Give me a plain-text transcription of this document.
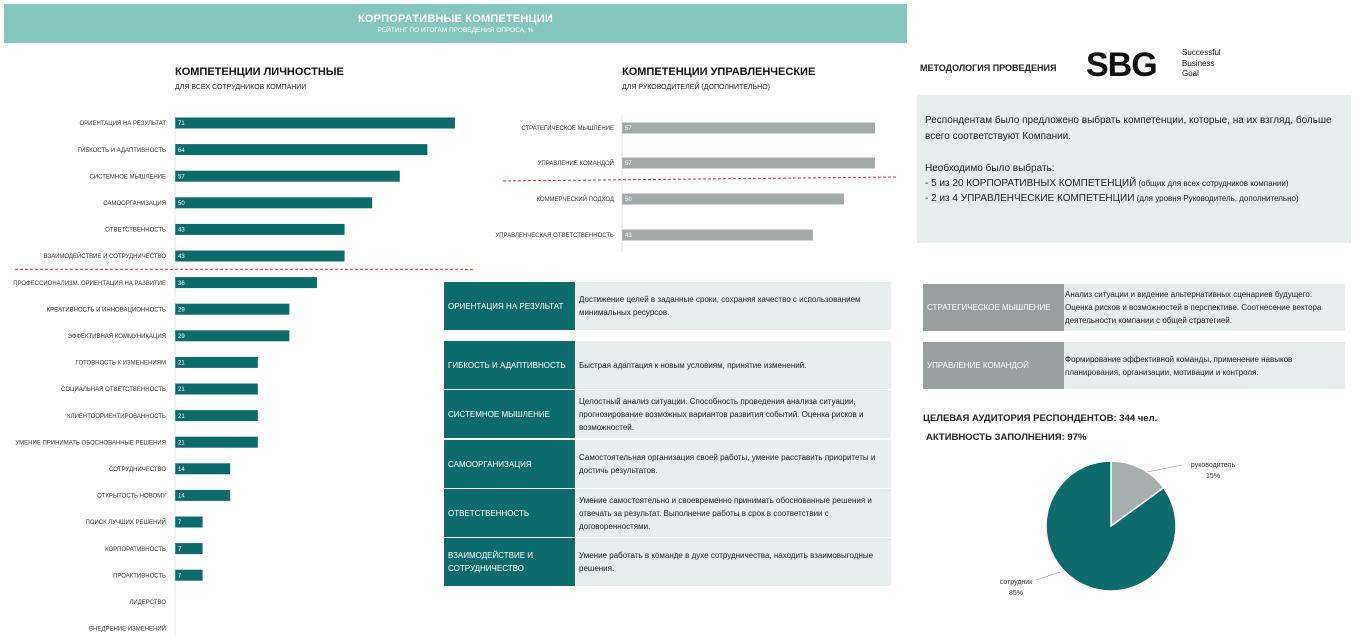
КОРПОРАТИВНЫЕ КОМПЕТЕНЦИИ
РЕЙТИНГ ПО ИТОГАМ ПРОВЕДЕНИЯ ОПРОСА, %
КОМПЕТЕНЦИИ ЛИЧНОСТНЫЕ
ДЛЯ ВСЕХ СОТРУДНИКОВ КОМПАНИИ
КОМПЕТЕНЦИИ УПРАВЛЕНЧЕСКИЕ
ДЛЯ РУКОВОДИТЕЛЕЙ (ДОПОЛНИТЕЛЬНО)
ОРИЕНТАЦИЯ НА РЕЗУЛЬТАТ 71
ГИБКОСТЬ И АДАПТИВНОСТЬ 64
СИСТЕМНОЕ МЫШЛЕНИЕ 57
САМООРГАНИЗАЦИЯ 50
ОТВЕТСТВЕННОСТЬ 43
ВЗАИМОДЕЙСТВИЕ И СОТРУДНИЧЕСТВО 43
ПРОФЕССИОНАЛИЗМ. ОРИЕНТАЦИЯ НА РАЗВИТИЕ 36
КРЕАТИВНОСТЬ И ИННОВАЦИОННОСТЬ 29
ЭФФЕКТИВНАЯ КОММУНИКАЦИЯ 29
ГОТОВНОСТЬ К ИЗМЕНЕНИЯМ 21
СОЦИАЛЬНАЯ ОТВЕТСТВЕННОСТЬ 21
КЛИЕНТООРИЕНТИРОВАННОСТЬ 21
УМЕНИЕ ПРИНИМАТЬ ОБОСНОВАННЫЕ РЕШЕНИЯ 21
СОТРУДНИЧЕСТВО 14
ОТКРЫТОСТЬ НОВОМУ 14
ПОИСК ЛУЧШИХ РЕШЕНИЙ 7
КОРПОРАТИВНОСТЬ 7
ПРОАКТИВНОСТЬ 7
ЛИДЕРСТВО
ВНЕДРЕНИЕ ИЗМЕНЕНИЙ
СТРАТЕГИЧЕСКОЕ МЫШЛЕНИЕ 57
УПРАВЛЕНИЕ КОМАНДОЙ 57
КОММЕРЧЕСКИЙ ПОДХОД 50
УПРАВЛЕНЧЕСКАЯ ОТВЕТСТВЕННОСТЬ 43
ОРИЕНТАЦИЯ НА РЕЗУЛЬТАТ
Достижение целей в заданные сроки, сохраняя качество с использованием минимальных ресурсов.
ГИБКОСТЬ И АДАПТИВНОСТЬ	Быстрая адаптация к новым условиям, принятие изменений.
СИСТЕМНОЕ МЫШЛЕНИЕ
Целостный анализ ситуации. Способность проведения анализа ситуации, прогнозирование возможных вариантов развития событий. Оценка рисков и возможностей.
САМООРГАНИЗАЦИЯ
Самостоятельная организация своей работы, умение расставить приоритеты и достичь результатов.
ОТВЕТСТВЕННОСТЬ
Умение самостоятельно и своевременно принимать обоснованные решения и отвечать за результат. Выполнение работы в срок в соответствии с договоренностями.
ВЗАИМОДЕЙСТВИЕ И СОТРУДНИЧЕСТВО
Умение работать в команде в духе сотрудничества, находить взаимовыгодные решения.
МЕТОДОЛОГИЯ ПРОВЕДЕНИЯ SBG	Successful
Business
Goal

Респондентам было предложено выбрать компетенции, которые, на их взгляд, больше всего соответствуют Компании.

Необходимо было выбрать:
- 5 из 20 КОРПОРАТИВНЫХ КОМПЕТЕНЦИЙ (общих для всех сотрудников компании)
- 2 из 4 УПРАВЛЕНЧЕСКИЕ КОМПЕТЕНЦИИ (для уровня Руководитель, дополнительно)
СТРАТЕГИЧЕСКОЕ МЫШЛЕНИЕ
Анализ ситуации и видение альтернативных сценариев будущего. Оценка рисков и возможностей в перспективе. Соотнесение вектора деятельности компании с общей стратегией.
УПРАВЛЕНИЕ КОМАНДОЙ
Формирование эффективной команды, применение навыков планирования, организации, мотивации и контроля.
ЦЕЛЕВАЯ АУДИТОРИЯ РЕСПОНДЕНТОВ: 344 чел.
АКТИВНОСТЬ ЗАПОЛНЕНИЯ: 97%
руководитель
15%
сотрудник
85%
